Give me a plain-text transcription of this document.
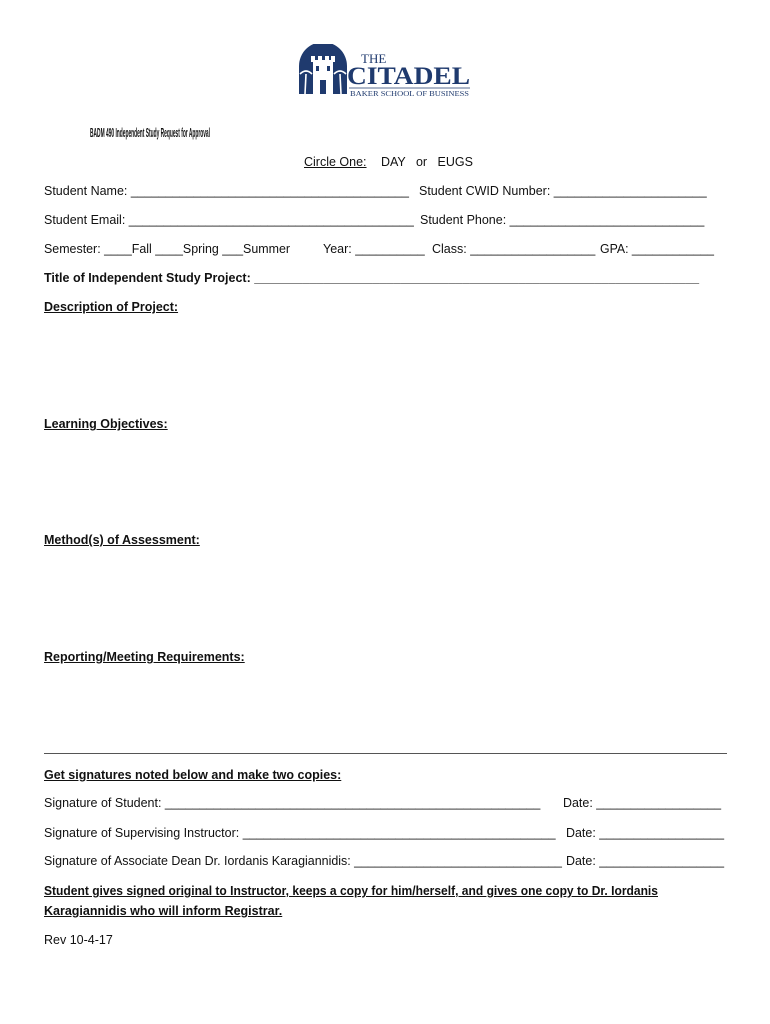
THE
CITADEL
BAKER SCHOOL OF BUSINESS
BADM 490 Independent Study Request for Approval
Circle One: DAY   or   EUGS
Student Name: ________________________________________ Student CWID Number: ______________________
Student Email: _________________________________________ Student Phone: ____________________________
Semester: ____Fall ____Spring ___Summer	Year: __________ Class: __________________ GPA: ____________
Title of Independent Study Project: ________________________________________________________________
Description of Project:
Learning Objectives:
Method(s) of Assessment:
Reporting/Meeting Requirements:
Get signatures noted below and make two copies:
Signature of Student: ______________________________________________________ Date: __________________
Signature of Supervising Instructor: _____________________________________________ Date: __________________
Signature of Associate Dean Dr. Iordanis Karagiannidis: ______________________________ Date: __________________
Student gives signed original to Instructor, keeps a copy for him/herself, and gives one copy to Dr. Iordanis
Karagiannidis who will inform Registrar.
Rev 10-4-17
